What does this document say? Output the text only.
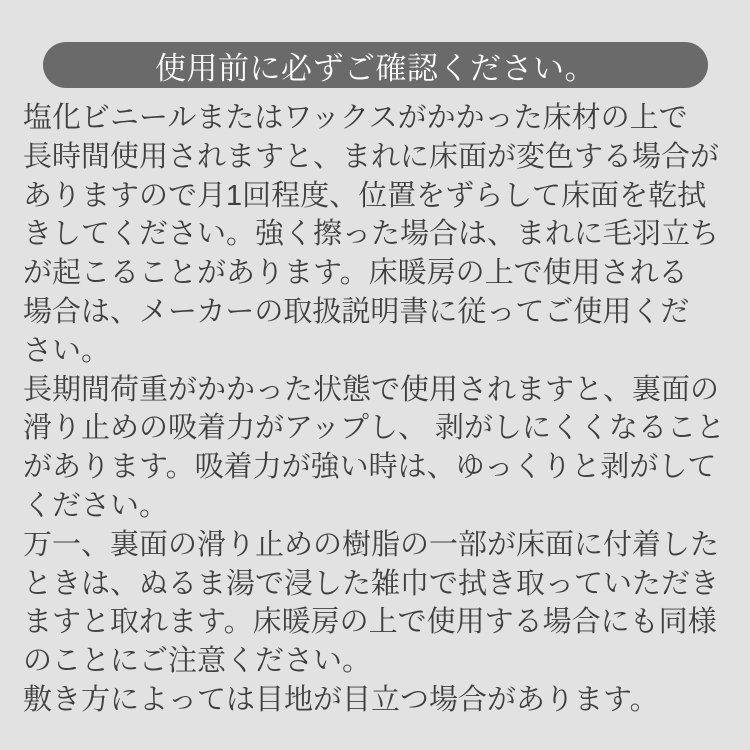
使用前に必ずご確認ください。
塩化ビニールまたはワックスがかかった床材の上で
長時間使用されますと、まれに床面が変色する場合が
ありますので月1回程度、位置をずらして床面を乾拭
きしてください。強く擦った場合は、まれに毛羽立ち
が起こることがあります。床暖房の上で使用される
場合は、メーカーの取扱説明書に従ってご使用くだ
さい。
長期間荷重がかかった状態で使用されますと、裏面の
滑り止めの吸着力がアップし、 剥がしにくくなること
があります。吸着力が強い時は、ゆっくりと剥がして
ください。
万一、裏面の滑り止めの樹脂の一部が床面に付着した
ときは、ぬるま湯で浸した雑巾で拭き取っていただき
ますと取れます。床暖房の上で使用する場合にも同様
のことにご注意ください。
敷き方によっては目地が目立つ場合があります。
